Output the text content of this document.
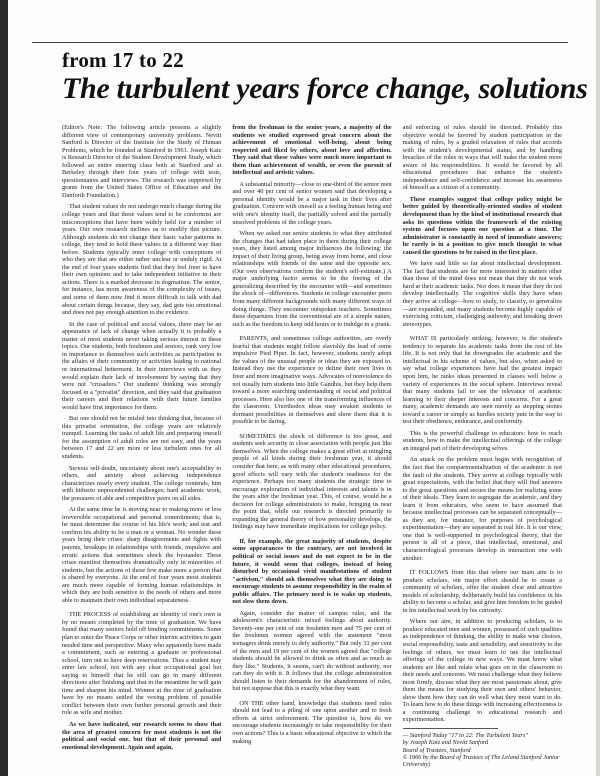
from 17 to 22
The turbulent years force change, solutions

(Editor's Note: The following article presents a slightly different view of contemporary university problems. Nevitt Sanford is Director of the Institute for the Study of Human Problems, which he founded at Stanford in 1961. Joseph Katz is Research Director of the Student Development Study, which followed an entire entering class both at Stanford and at Berkeley through their four years of college with tests, questionnaires and interviews. The research was supported by grants from the United States Office of Education and the Danforth Foundation.)

That student values do not undergo much change during the college years and that these values tend to be conformist are misconceptions that have been widely held for a number of years. Our own research inclines us to modify this picture. Although students do not change their basic value patterns in college, they tend to hold these values in a different way than before. Students typically enter college with conceptions of who they are that are either rather unclear or unduly rigid. At the end of four years students find that they feel freer to have their own opinions and to take independent initiative in their actions. There is a marked decrease in dogmatism. The senior, for instance, has more awareness of the complexity of issues, and some of them now find it more difficult to talk with dad about certain things because, they say, dad gets too emotional and does not pay enough attention to the evidence.

In the case of political and social values, there may be an appearance of lack of change when actually it is probably a matter of most students never taking serious interest in these topics. Our students, both freshmen and seniors, rank very low in importance to themselves such activities as participation in the affairs of their community or activities leading to national or international betterment. In their interviews with us they would explain their lack of involvement by saying that they were not "crusaders." Our students' thinking was strongly focused in a "privatist" direction, and they said that graduation their careers and their relations with their future families would have first importance for them.

But one should not be misled into thinking that, because of this privatist orientation, the college years are relatively tranquil. Learning the tasks of adult life and preparing oneself for the assumption of adult roles are not easy, and the years between 17 and 22 are more or less turbulent ones for all students.

Serious self-doubt, uncertainty about one's acceptability to others, and anxiety about achieving independence characterizes nearly every student. The college contends, him with hitherto unprecedented challenges; hard academic work, the pressures of able and competitive peers on all sides.

At the same time he is moving near to making more or less irreversible occupational and personal commitments; that is, he must determine the course of his life's work; and test and confirm his ability to be a man or a woman. No wonder these years bring their crises: sharp disagreements and fights with parents, breakups in relationships with friends, impulsive and erratic actions that sometimes shock the bystander. These crises manifest themselves dramatically only in minorities of students, but the actions of these few make more a person that is shared by everyone. At the end of four years most students are much more capable of forming human relationships in which they are both sensitive to the needs of others and more able to maintain their own individual separateness.

THE PROCESS of establishing an identity of one's own is by no means completed by the time of graduation. We have found that many seniors hold off binding commitments. Some plan to enter the Peace Corps or other interim activities to gain needed time and perspective. Many who apparently have made a commitment, such as entering a graduate or professional school, turn out to have deep reservations. Thus a student may enter law school, not with any clear occupational goal but saying to himself that he still can go in many different directions after finishing and that in the meantime he will gain time and sharpen his mind. Women at the time of graduation have by no means settled the vexing problem of possible conflict between their own further personal growth and their role as wife and mother.

As we have indicated, our research seems to show that the area of greatest concern for most students is not the political and social one, but that of their personal and emotional development. Again and again,

from the freshman to the senior years, a majority of the students we studied expressed great concern about the achievement of emotional well-being, about being respected and liked by others, about love and affection. They said that these values were much more important to them than achievement of wealth, or even the pursuit of intellectual and artistic values.

A substantial minority—close to one-third of the senior men and over 40 per cent of senior women said that developing a personal identity would be a major task in their lives after graduation. Concern with oneself as a feeling human being and with one's identity itself, the partially solved and the partially unsolved problems of the college years.

When we asked our senior students to what they attributed the changes that had taken place in them during their college years, they listed among major influences the following: the impact of their living group, being away from home, and close relationships with friends of the same and the opposite sex. (Our own observations confirm the student's self-estimate.) A major underlying factor seems to be the freeing of the generalizing described by the encounter with—and sometimes the shock of—differences. Students in college encounter peers from many different backgrounds with many different ways of doing things. They encounter outspoken teachers. Sometimes these departures from the conventional are of a simple nature, such as the freedom to keep odd hours or to indulge in a prank.

PARENTS, and sometimes college authorities, are overly fearful that students might follow slavishly the lead of some impulsive Pied Piper. In fact, however, students rarely adopt the values of the unusual people or ideas they are exposed to. Instead they use the experience to define their own lives in freer and more imaginative ways. Advocates of nonviolence do not usually turn students into little Gandhis, but they help them toward a more searching understanding of social and political processes. Here also lies one of the transforming influences of the classroom. Unorthodox ideas may awaken students to dormant possibilities in themselves and show them that it is possible to be daring.

SOMETIMES the shock of difference is too great, and students seek security in close association with people just like themselves. When the college makes a great effort at mingling people of all kinds during their freshman year, it should consider that here, as with many other educational procedures, good effects will vary with the student's readiness for the experience. Perhaps too many students the strategic time to encourage exploration of individual interests and talents is in the years after the freshman year. This, of course, would be a decision for college administrators to make, bringing us near the point that, while our research is directed primarily to expanding the general theory of how personality develops, the findings may have immediate implications for college policy.

If, for example, the great majority of students, despite some appearances to the contrary, are not involved in political or social issues and do not expect to be in the future, it would seem that colleges, instead of being disturbed by occasional vivid manifestations of student "activism," should ask themselves what they are doing to encourage students to assume responsibility in the realm of public affairs. The primary need is to wake up students, not slow them down.

Again, consider the matter of campus rules, and the adolescent's characteristic mixed feelings about authority. Seventy-one per cent of our freshmen men and 75 per cent of the freshmen women agreed with the statement "most teenagers drink merely to defy authority." But only 31 per cent of the men and 19 per cent of the women agreed that "college students should be allowed to drink as often and as much as they like." Students, it seems, can't do without authority, nor can they do with it. It follows that the college administration should listen to their demands for the abandonment of rules, but not suppose that this is exactly what they want.

ON THE other hand, knowledge that students need rules should not lead to a piling of one upon another and to fresh efforts at strict enforcement. The question is, how do we encourage students increasingly to take responsibility for their own actions? This is a basic educational objective to which the making

and enforcing of rules should be directed. Probably this objective would be favored by student participation in the making of rules, by a graded relaxation of rules that accords with the student's developmental status, and by handling breaches of the rules in ways that will make the student more aware of his responsibilities. It would be favored by all educational procedures that enhance the student's independence and self-confidence and increase his awareness of himself as a citizen of a community.

These examples suggest that college policy might be better guided by theoretically-oriented studies of student development than by the kind of institutional research that asks its questions within the framework of the existing system and focuses upon one question at a time. The administrator is constantly in need of immediate answers; he rarely is in a position to give much thought to what caused the questions to be raised in the first place.

We have said little so far about intellectual development. The fact that students are far more interested in matters other than those of the mind does not mean that they do not work hard at their academic tasks. Nor does it mean that they do not develop intellectually. The cognitive skills they have when they arrive at college—how to study, to classify, to generalize—are expanded, and many students become highly capable of exercising criticism, challenging authority, and breaking down stereotypes.

WHAT IS particularly striking, however, is the student's tendency to separate his academic tasks from the rest of his life. It is not only that he downgrades the academic and the intellectual in his scheme of values, but also, when asked to say what college experiences have had the greatest impact upon him, he ranks ideas presented in classes well below a variety of experiences in the social sphere. Interviews reveal that many students fail to see the relevance of academic learning to their deeper interests and concerns. For a great many, academic demands are seen merely as stepping stones toward a career or simply as hurdles society puts in the way to test their obedience, endurance, and conformity.

This is the powerful challenge to educators: how to reach students, how to make the intellectual offerings of the college an integral part of their developing selves.

An attack on the problem must begin with recognition of the fact that the compartmentalization of the academic is not the fault of the students. They arrive at college typically with great expectations, with the belief that they will find answers to the great questions and secure the means for realizing some of their ideals. They learn to segregate the academic, and they learn it from educators, who seem to have assumed that because intellectual processes can be separated conceptually—as they are, for instance, for purposes of psychological experimentation—they are separated in real life. It is our view, one that is well-supported in psychological theory, that the person is all of a piece, that intellectual, emotional, and characterological processes develop in interaction one with another.

IT FOLLOWS from this that where our main aim is to produce scholars, our major effort should be to create a community of scholars, offer the student clear and attractive models of scholarship, deliberately build his confidence in his ability to become a scholar, and give him freedom to be guided in his intellectual work by his curiosity.

Where our aim, in addition to producing scholars, is to produce educated men and women, possessed of such qualities as independence of thinking, the ability to make wise choices, social responsibility, taste and sensibility, and sensitivity to the feelings of others, we must learn to use the intellectual offerings of the college in new ways. We must know what students are like and relate what goes on in the classroom to their needs and concerns. We must challenge what they believe most firmly, discuss what they are most passionate about, give them the means for studying their own and others' behavior, show them how they can do well what they most want to do. To learn how to do these things with increasing effectiveness is a continuing challenge to educational research and experimentation.

— Stanford Today "17 to 22: The Turbulent Years"
by Joseph Katz and Nevitt Sanford
Board of Trustees, Stanford
© 1966 by the Board of Trustees of The Leland Stanford Junior University)
